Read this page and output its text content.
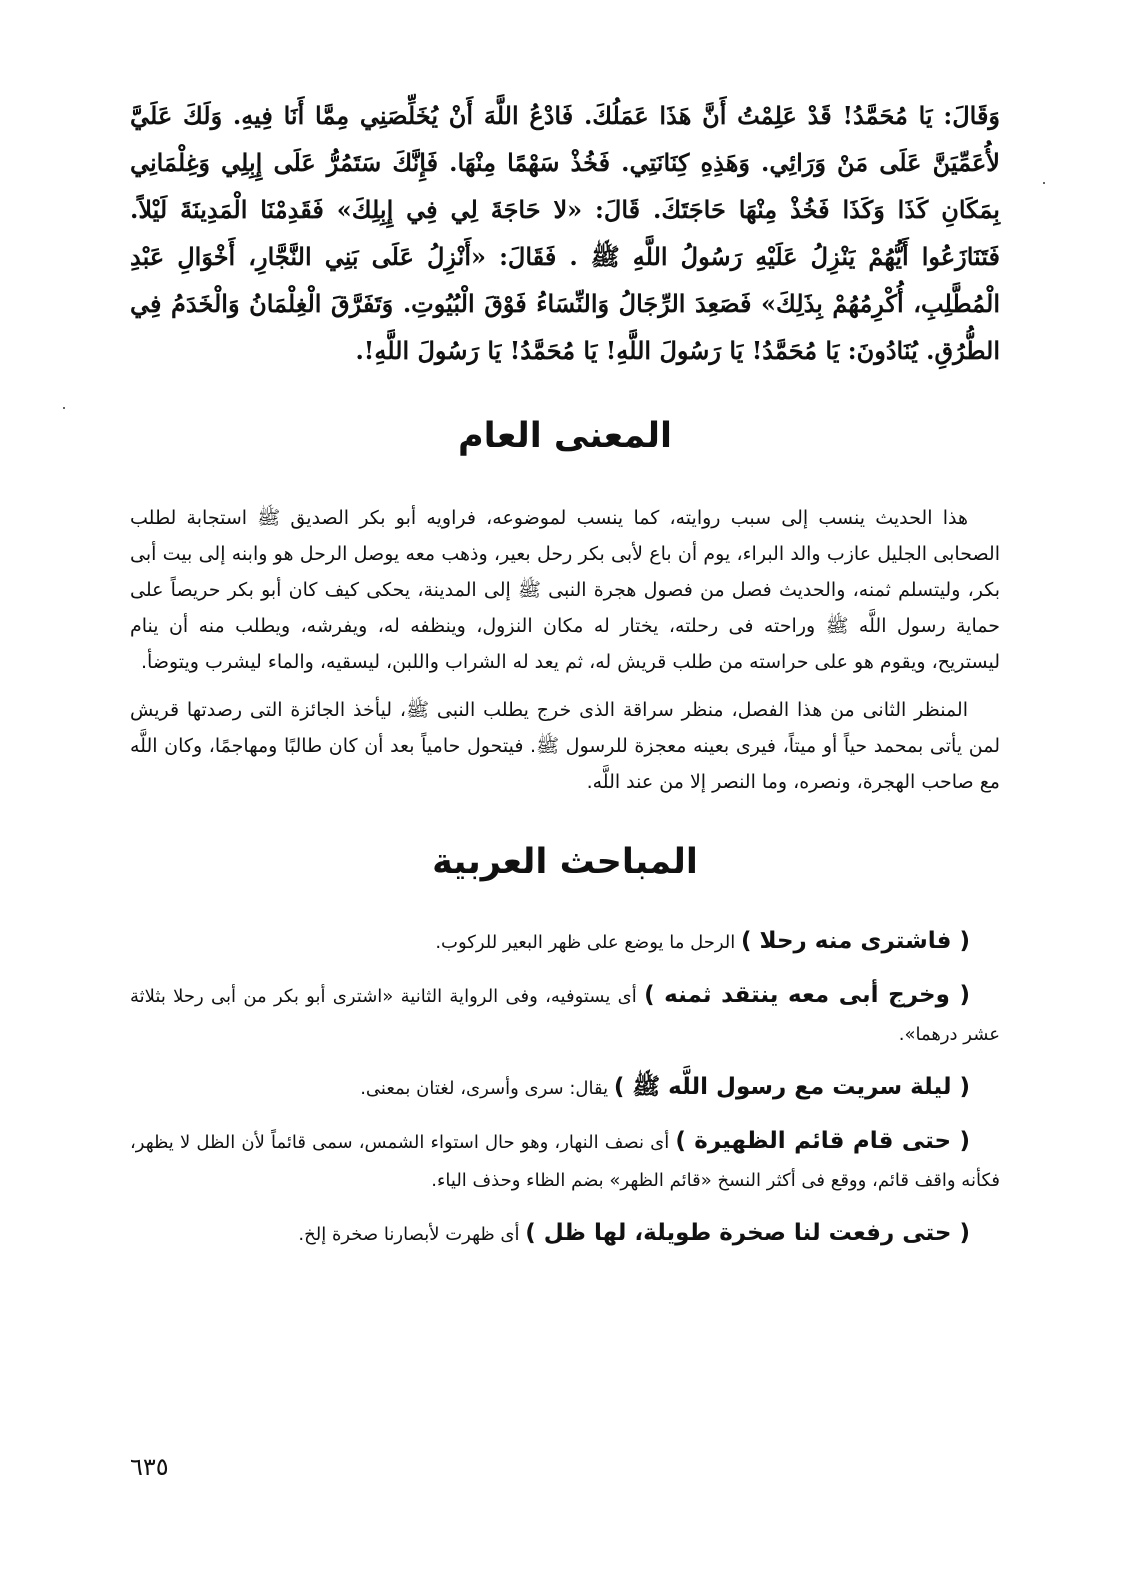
وَقَالَ: يَا مُحَمَّدُ! قَدْ عَلِمْتُ أَنَّ هَذَا عَمَلُكَ. فَادْعُ اللَّهَ أَنْ يُخَلِّصَنِي مِمَّا أَنَا فِيهِ. وَلَكَ عَلَيَّ لأُعَمِّيَنَّ عَلَى مَنْ وَرَائِي. وَهَذِهِ كِنَانَتِي. فَخُذْ سَهْمًا مِنْهَا. فَإِنَّكَ سَتَمُرُّ عَلَى إِبِلِي وَغِلْمَانِي بِمَكَانِ كَذَا وَكَذَا فَخُذْ مِنْهَا حَاجَتَكَ. قَالَ: «لا حَاجَةَ لِي فِي إِبِلِكَ» فَقَدِمْنَا الْمَدِينَةَ لَيْلاً. فَتَنَازَعُوا أَيُّهُمْ يَنْزِلُ عَلَيْهِ رَسُولُ اللَّهِ ﷺ . فَقَالَ: «أَنْزِلُ عَلَى بَنِي النَّجَّارِ، أَخْوَالِ عَبْدِ الْمُطَّلِبِ، أُكْرِمُهُمْ بِذَلِكَ» فَصَعِدَ الرِّجَالُ وَالنِّسَاءُ فَوْقَ الْبُيُوتِ. وَتَفَرَّقَ الْغِلْمَانُ وَالْخَدَمُ فِي الطُّرُقِ. يُنَادُونَ: يَا مُحَمَّدُ! يَا رَسُولَ اللَّهِ! يَا مُحَمَّدُ! يَا رَسُولَ اللَّهِ!.

المعنى العام

هذا الحديث ينسب إلى سبب روايته، كما ينسب لموضوعه، فراويه أبو بكر الصديق ﷺ استجابة لطلب الصحابى الجليل عازب والد البراء، يوم أن باع لأبى بكر رحل بعير، وذهب معه يوصل الرحل هو وابنه إلى بيت أبى بكر، وليتسلم ثمنه، والحديث فصل من فصول هجرة النبى ﷺ إلى المدينة، يحكى كيف كان أبو بكر حريصاً على حماية رسول اللَّه ﷺ وراحته فى رحلته، يختار له مكان النزول، وينظفه له، ويفرشه، ويطلب منه أن ينام ليستريح، ويقوم هو على حراسته من طلب قريش له، ثم يعد له الشراب واللبن، ليسقيه، والماء ليشرب ويتوضأ.

المنظر الثانى من هذا الفصل، منظر سراقة الذى خرج يطلب النبى ﷺ، ليأخذ الجائزة التى رصدتها قريش لمن يأتى بمحمد حياً أو ميتاً، فيرى بعينه معجزة للرسول ﷺ. فيتحول حامياً بعد أن كان طالبًا ومهاجمًا، وكان اللَّه مع صاحب الهجرة، ونصره، وما النصر إلا من عند اللَّه.

المباحث العربية

( فاشترى منه رحلا ) الرحل ما يوضع على ظهر البعير للركوب.

( وخرج أبى معه ينتقد ثمنه ) أى يستوفيه، وفى الرواية الثانية «اشترى أبو بكر من أبى رحلا بثلاثة عشر درهما».

( ليلة سريت مع رسول اللَّه ﷺ ) يقال: سرى وأسرى، لغتان بمعنى.

( حتى قام قائم الظهيرة ) أى نصف النهار، وهو حال استواء الشمس، سمى قائماً لأن الظل لا يظهر، فكأنه واقف قائم، ووقع فى أكثر النسخ «قائم الظهر» بضم الظاء وحذف الياء.

( حتى رفعت لنا صخرة طويلة، لها ظل ) أى ظهرت لأبصارنا صخرة إلخ.

٦٣٥
